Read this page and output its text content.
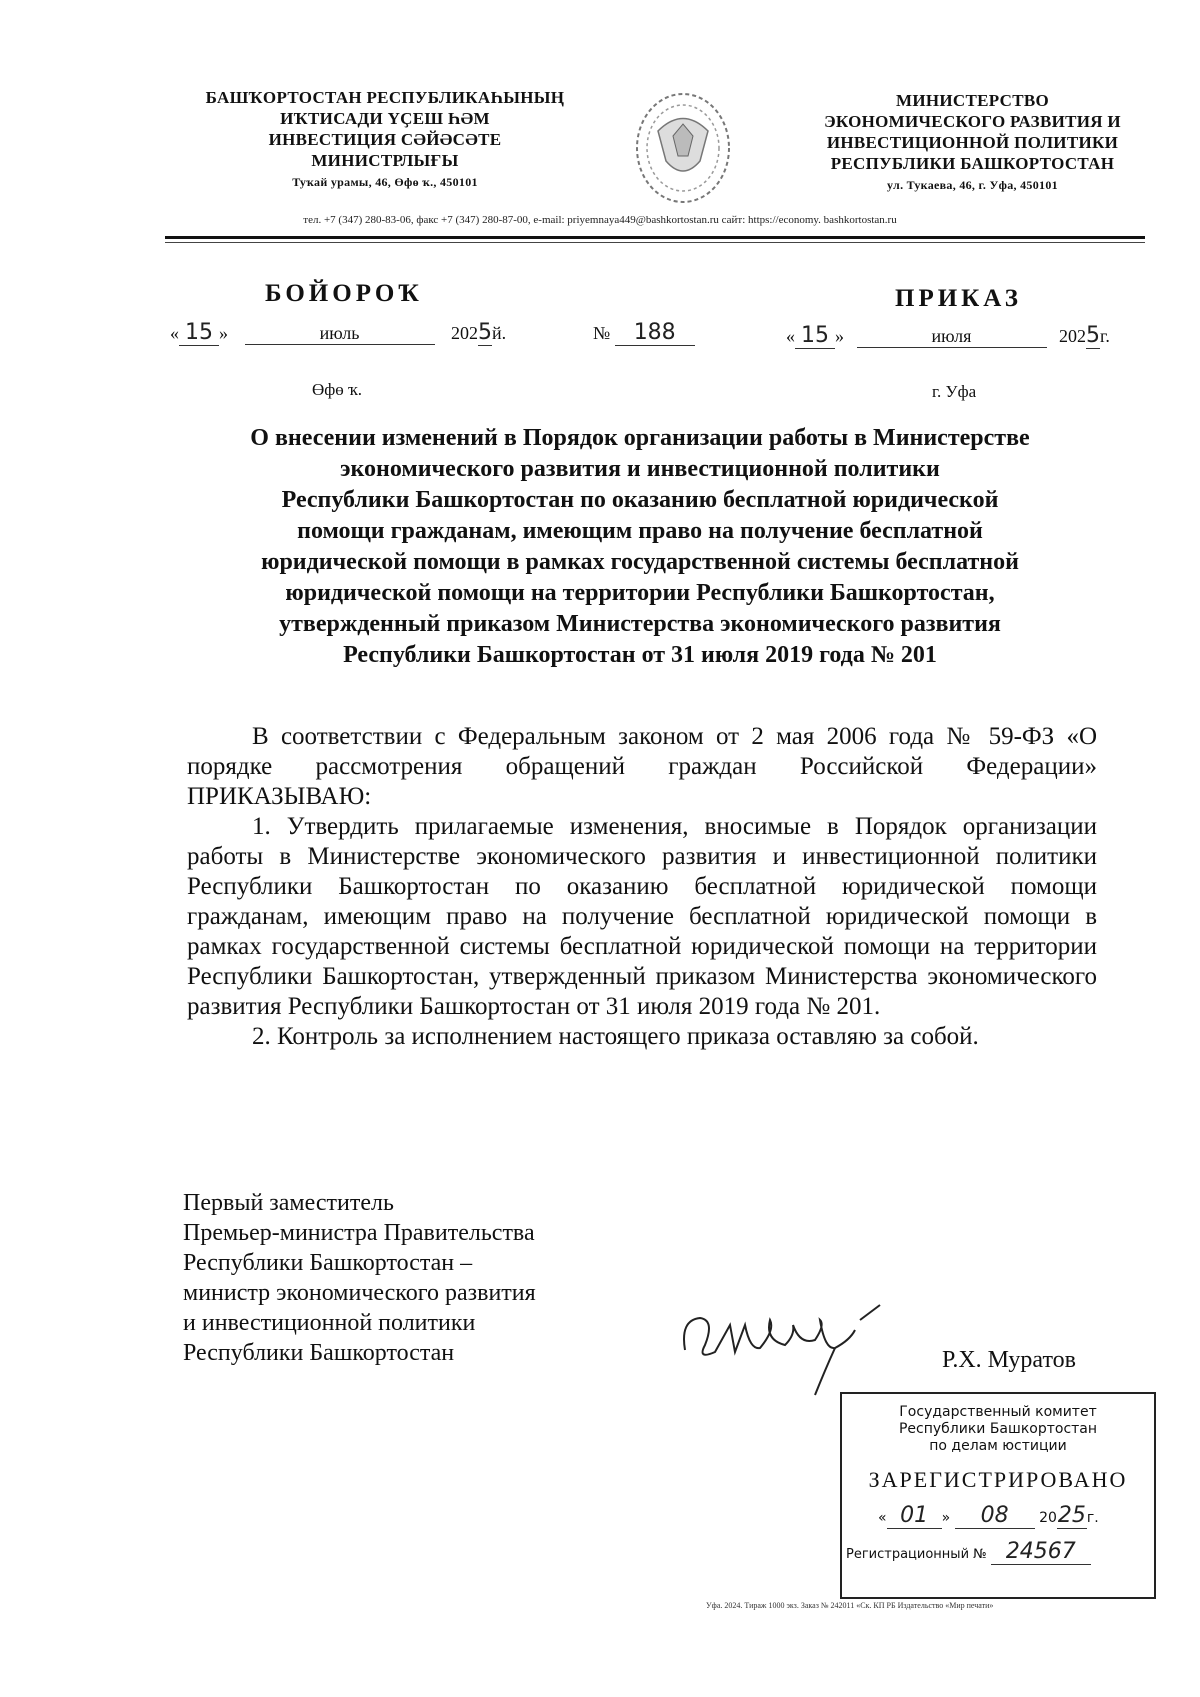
БАШҠОРТОСТАН РЕСПУБЛИКАҺЫНЫҢ
ИҠТИСАДИ ҮҪЕШ ҺӘМ
ИНВЕСТИЦИЯ СӘЙӘСӘТЕ
МИНИСТРЛЫҒЫ
Туҡай урамы, 46, Өфө ҡ., 450101
МИНИСТЕРСТВО
ЭКОНОМИЧЕСКОГО РАЗВИТИЯ И
ИНВЕСТИЦИОННОЙ ПОЛИТИКИ
РЕСПУБЛИКИ БАШКОРТОСТАН
ул. Тукаева, 46, г. Уфа, 450101
тел. +7 (347) 280-83-06, факс +7 (347) 280-87-00, e-mail: priyemnaya449@bashkortostan.ru сайт: https://economy. bashkortostan.ru
БОЙОРОҠ	ПРИКАЗ
« 15 »	июль	2025й.	№ 188	« 15 »	июля	2025г.
Өфө ҡ.	г. Уфа
О внесении изменений в Порядок организации работы в Министерстве
экономического развития и инвестиционной политики
Республики Башкортостан по оказанию бесплатной юридической
помощи гражданам, имеющим право на получение бесплатной
юридической помощи в рамках государственной системы бесплатной
юридической помощи на территории Республики Башкортостан,
утвержденный приказом Министерства экономического развития
Республики Башкортостан от 31 июля 2019 года № 201

В соответствии с Федеральным законом от 2 мая 2006 года № 59-ФЗ «О порядке рассмотрения обращений граждан Российской Федерации» ПРИКАЗЫВАЮ:

1. Утвердить прилагаемые изменения, вносимые в Порядок организации работы в Министерстве экономического развития и инвестиционной политики Республики Башкортостан по оказанию бесплатной юридической помощи гражданам, имеющим право на получение бесплатной юридической помощи в рамках государственной системы бесплатной юридической помощи на территории Республики Башкортостан, утвержденный приказом Министерства экономического развития Республики Башкортостан от 31 июля 2019 года № 201.

2. Контроль за исполнением настоящего приказа оставляю за собой.

Первый заместитель
Премьер-министра Правительства
Республики Башкортостан –
министр экономического развития
и инвестиционной политики
Республики Башкортостан	Р.Х. Муратов
Государственный комитет
Республики Башкортостан
по делам юстиции
ЗАРЕГИСТРИРОВАНО
« 01 » 08 2025г.
Регистрационный № 24567
Уфа. 2024. Тираж 1000 экз. Заказ № 242011 «Ск. КП РБ Издательство «Мир печати»
